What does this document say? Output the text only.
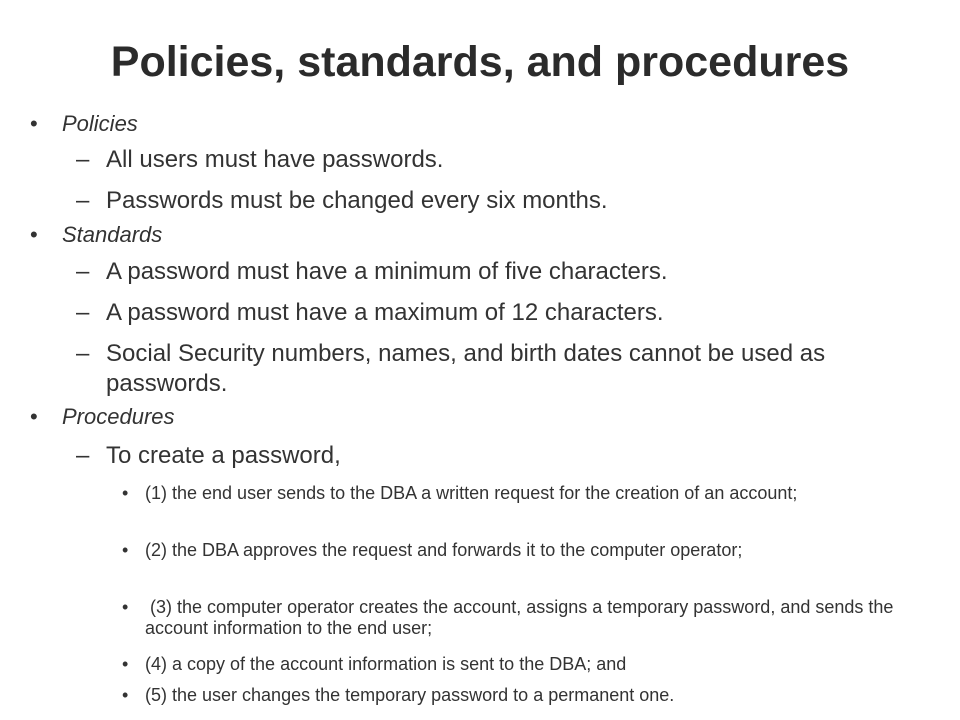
Policies, standards, and procedures
• Policies
– All users must have passwords.
– Passwords must be changed every six months.
• Standards
– A password must have a minimum of five characters.
– A password must have a maximum of 12 characters.
– Social Security numbers, names, and birth dates cannot be used as passwords.
• Procedures
– To create a password,
• (1) the end user sends to the DBA a written request for the creation of an account;
• (2) the DBA approves the request and forwards it to the computer operator;
• (3) the computer operator creates the account, assigns a temporary password, and sends the account information to the end user;
• (4) a copy of the account information is sent to the DBA; and
• (5) the user changes the temporary password to a permanent one.
